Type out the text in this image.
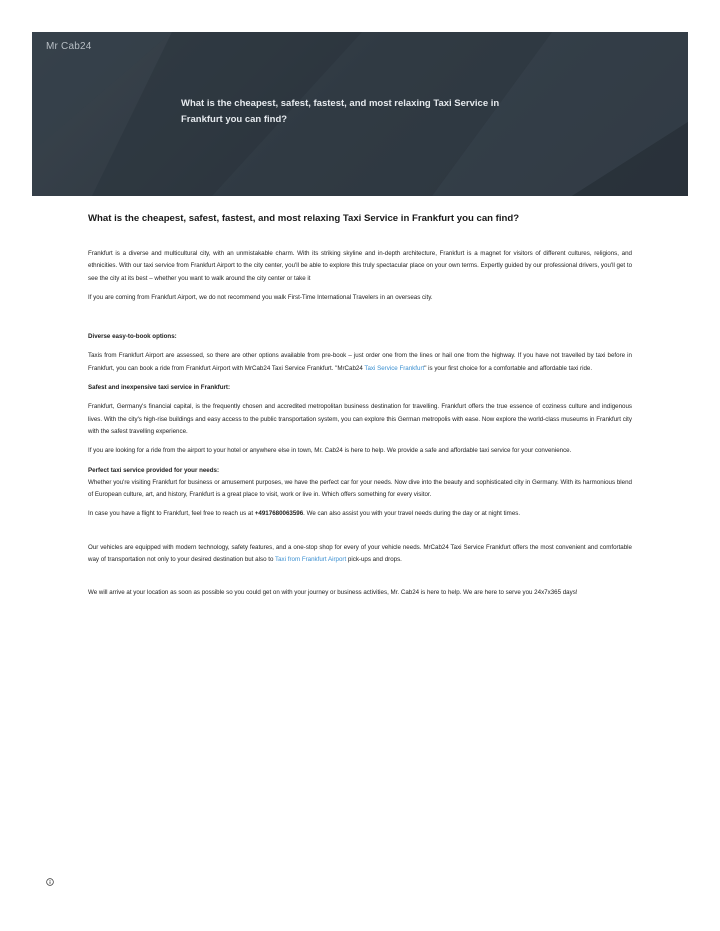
Mr Cab24
What is the cheapest, safest, fastest, and most relaxing Taxi Service in Frankfurt you can find?
What is the cheapest, safest, fastest, and most relaxing Taxi Service in Frankfurt you can find?

Frankfurt is a diverse and multicultural city, with an unmistakable charm. With its striking skyline and in-depth architecture, Frankfurt is a magnet for visitors of different cultures, religions, and ethnicities. With our taxi service from Frankfurt Airport to the city center, you'll be able to explore this truly spectacular place on your own terms. Expertly guided by our professional drivers, you'll get to see the city at its best – whether you want to walk around the city center or take it

If you are coming from Frankfurt Airport, we do not recommend you walk First-Time International Travelers in an overseas city.

Diverse easy-to-book options:

Taxis from Frankfurt Airport are assessed, so there are other options available from pre-book – just order one from the lines or hail one from the highway. If you have not travelled by taxi before in Frankfurt, you can book a ride from Frankfurt Airport with MrCab24 Taxi Service Frankfurt. "MrCab24 Taxi Service Frankfurt" is your first choice for a comfortable and affordable taxi ride.

Safest and inexpensive taxi service in Frankfurt:

Frankfurt, Germany's financial capital, is the frequently chosen and accredited metropolitan business destination for travelling. Frankfurt offers the true essence of coziness culture and indigenous lives. With the city's high-rise buildings and easy access to the public transportation system, you can explore this German metropolis with ease. Now explore the world-class museums in Frankfurt city with the safest travelling experience.

If you are looking for a ride from the airport to your hotel or anywhere else in town, Mr. Cab24 is here to help. We provide a safe and affordable taxi service for your convenience.

Perfect taxi service provided for your needs:

Whether you're visiting Frankfurt for business or amusement purposes, we have the perfect car for your needs. Now dive into the beauty and sophisticated city in Germany. With its harmonious blend of European culture, art, and history, Frankfurt is a great place to visit, work or live in. Which offers something for every visitor.

In case you have a flight to Frankfurt, feel free to reach us at +4917680063596. We can also assist you with your travel needs during the day or at night times.

Our vehicles are equipped with modern technology, safety features, and a one-stop shop for every of your vehicle needs. MrCab24 Taxi Service Frankfurt offers the most convenient and comfortable way of transportation not only to your desired destination but also to Taxi from Frankfurt Airport pick-ups and drops.

We will arrive at your location as soon as possible so you could get on with your journey or business activities, Mr. Cab24 is here to help. We are here to serve you 24x7x365 days!
